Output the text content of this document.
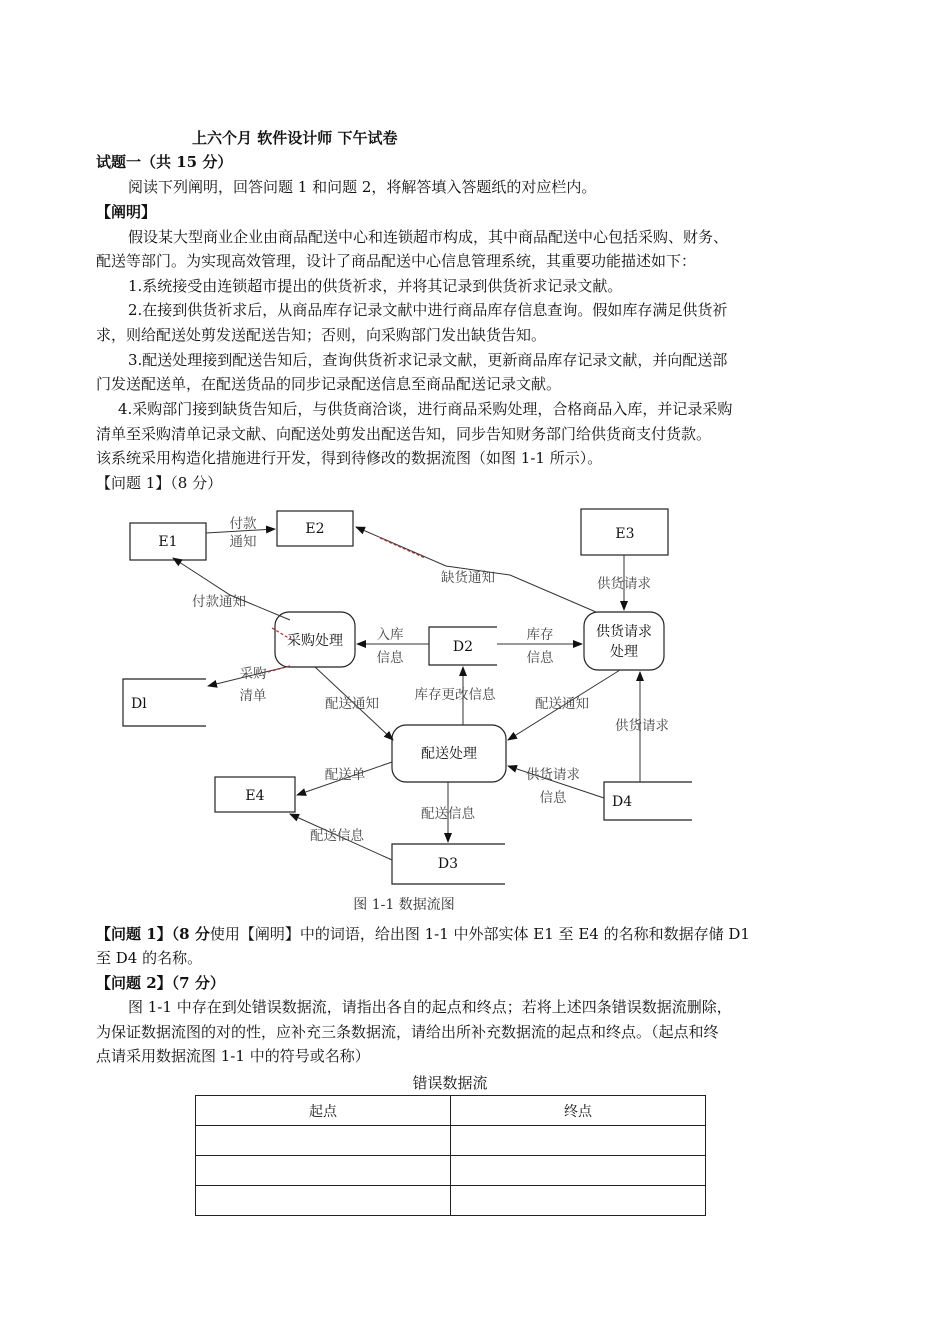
上六个月 软件设计师 下午试卷
试题一（共 15 分）
阅读下列阐明，回答问题 1 和问题 2，将解答填入答题纸的对应栏内。
【阐明】
假设某大型商业企业由商品配送中心和连锁超市构成，其中商品配送中心包括采购、财务、
配送等部门。为实现高效管理，设计了商品配送中心信息管理系统，其重要功能描述如下：
1.系统接受由连锁超市提出的供货祈求，并将其记录到供货祈求记录文献。
2.在接到供货祈求后，从商品库存记录文献中进行商品库存信息查询。假如库存满足供货祈
求，则给配送处剪发送配送告知；否则，向采购部门发出缺货告知。
3.配送处理接到配送告知后，查询供货祈求记录文献，更新商品库存记录文献，并向配送部
门发送配送单，在配送货品的同步记录配送信息至商品配送记录文献。
4.采购部门接到缺货告知后，与供货商洽谈，进行商品采购处理，合格商品入库，并记录采购
清单至采购清单记录文献、向配送处剪发出配送告知，同步告知财务部门给供货商支付货款。
该系统采用构造化措施进行开发，得到待修改的数据流图（如图 1-1 所示）。
【问题 1】（8 分）
E1
E2	E3
E4
Dl
D2
D3
D4
采购处理
供货请求
处理
配送处理
付款
通知
缺货通知
付款通知
供货请求
入库
信息
库存
信息
采购
清单	配送通知
库存更改信息
配送通知
供货请求
配送单	供货请求
信息
配送信息
配送信息
图 1-1 数据流图
【问题 1】（8 分使用【阐明】中的词语，给出图 1-1 中外部实体 E1 至 E4 的名称和数据存储 D1
至 D4 的名称。
【问题 2】（7 分）
图 1-1 中存在到处错误数据流，请指出各自的起点和终点；若将上述四条错误数据流删除，
为保证数据流图的对的性，应补充三条数据流，请给出所补充数据流的起点和终点。（起点和终
点请采用数据流图 1-1 中的符号或名称）
错误数据流
起点	终点
